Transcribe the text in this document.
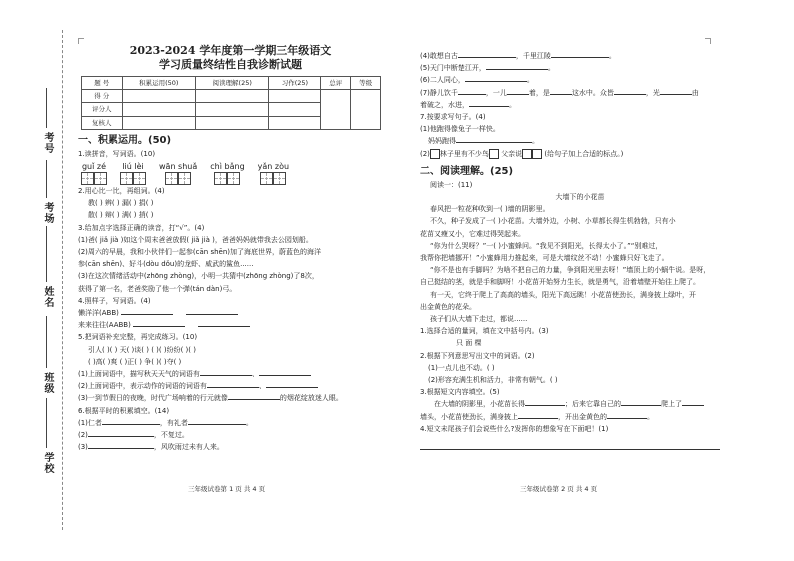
考号
考场
姓名
班级
学校
2023-2024 学年度第一学期三年级语文
学习质量终结性自我诊断试题
题 号	积累运用(50)	阅读理解(25)	习作(25)	总评	等级
得 分					
评分人					
复核人					
一、积累运用。(50)
1.读拼音，写词语。(10)
guǐ zé liú lèi wān shuǎ chì bǎng yǎn zòu
2.用心比一比，再组词。(4)
教( ) 辨( ) 漏( ) 捐( )
散( ) 辩( ) 满( ) 捎( )
3.给加点字选择正确的读音，打“√”。(4)
(1)爸( jiǎ jià )如这个周末爸爸放假( jiǎ jià )，爸爸妈妈就带我去公园划船。
(2)周六的早晨，我和小伙伴们一起参(cān shēn)加了海底世界，蔚蓝色的海洋
参(cān shēn)、好斗(dòu dǒu)的龙虾、威武的鲨鱼......
(3)在这次情绪活动中(zhōng zhòng)，小明一共猜中(zhōng zhòng)了8次，
获得了第一名，老爸奖励了他一个弹(tán dàn)弓。
4.照样子，写词语。(4)
懒洋洋(ABB)
来来往往(AABB)
5.把词语补充完整，再完成练习。(10)
引人( )( ) 天( )谈( ) ( )( )纷纷( )( )
( )高( )爽 ( )正( ) 争( )( )夺( )
(1)上面词语中，描写秋天天气的词语有	、
(2)上面词语中，表示动作的词语的词语有	、
(3)一到节假日的夜晚，时代广场响着的行元就像	的烟花绽放迷人眼。
6.根据平时的积累填空。(14)
(1)仁者	，有礼者	。
(2)	，不复过。
(3)	，风吹雨过未有人来。
三年级试卷第 1 页 共 4 页
(4)敢想自古	，千里江陵	。
(5)天门中断楚江开，	。
(6)二人同心，	。
(7)静儿饮千	，一儿	着，是	这水中。众皆	，光	由
着破之，水进，	。
7.按要求写句子。(4)
(1)他跑得像兔子一样快。
妈妈跑得	。
(2) 林子里有不少鸟 父亲说	(给句子加上合适的标点。)
二、阅读理解。(25)
阅读一：(11)
大墙下的小花苗
春风把一粒花种吹到一( )墙的阴影里。
不久，种子发成了一( )小花苗。大墙外边，小树、小草都长得生机勃勃，只有小
花苗又瘦又小，它难过得哭起来。
“你为什么哭呀？”一( )小蜜蜂问。“我见不到阳光，长得太小了。”“别难过，
我帮你把墙挪开！”小蜜蜂用力推起来，可是大墙纹丝不动！小蜜蜂只好飞走了。
“你不是也有手脚吗？为啥不把自己的力量，争到阳光里去呀！”墙顶上的小蜗牛说。是呀，
自己挺结的茎，就是手和脚呀！小花苗开始努力生长，就是勇气，沿着墙壁开始往上爬了。
有一天，它终于爬上了高高的墙头，阳光下高远眺！小花苗使劲长，满身披上绿叶，开
出金黄色的花朵。
孩子们从大墙下走过，都说......
1.选择合适的量词，填在文中括号内。(3)
只 面 棵
2.根据下列意思写出文中的词语。(2)
(1)一点儿也不动。( )
(2)形容充满生机和活力，非常有朝气。( )
3.根据短文内容填空。(5)
在大墙的阴影里，小花苗长得	；后来它靠自己的	爬上了
墙头，小花苗使劲长，满身披上	，开出金黄色的	。
4.短文未尾孩子们会说些什么?发挥你的想象写在下面吧！(1)
三年级试卷第 2 页 共 4 页
